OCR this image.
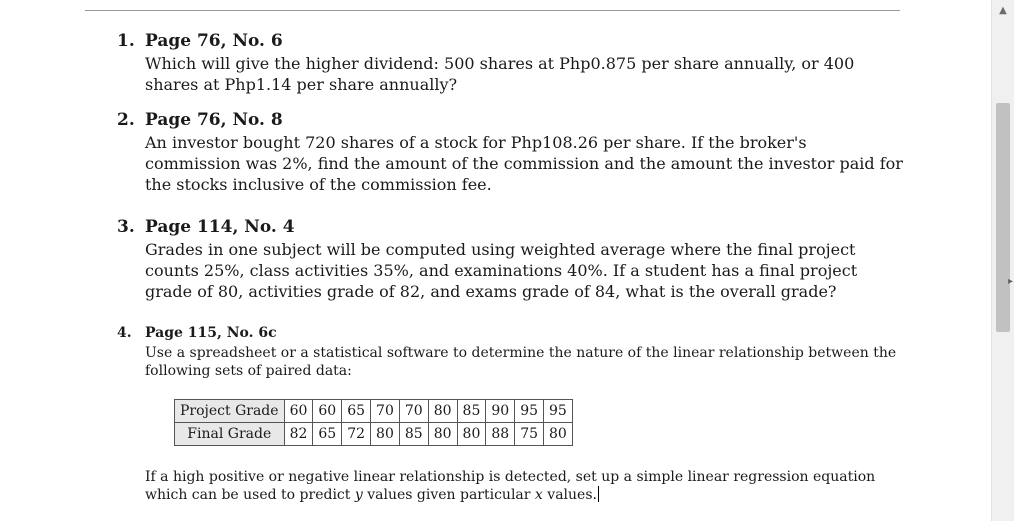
1. Page 76, No. 6
Which will give the higher dividend: 500 shares at Php0.875 per share annually, or 400 shares at Php1.14 per share annually?
2. Page 76, No. 8
An investor bought 720 shares of a stock for Php108.26 per share. If the broker's commission was 2%, find the amount of the commission and the amount the investor paid for the stocks inclusive of the commission fee.
3. Page 114, No. 4
Grades in one subject will be computed using weighted average where the final project counts 25%, class activities 35%, and examinations 40%. If a student has a final project grade of 80, activities grade of 82, and exams grade of 84, what is the overall grade?
4. Page 115, No. 6c
Use a spreadsheet or a statistical software to determine the nature of the linear relationship between the following sets of paired data:
Project Grade	60	60	65	70	70	80	85	90	95	95
Final Grade	82	65	72	80	85	80	80	88	75	80
If a high positive or negative linear relationship is detected, set up a simple linear regression equation which can be used to predict y values given particular x values.
▲
▸
